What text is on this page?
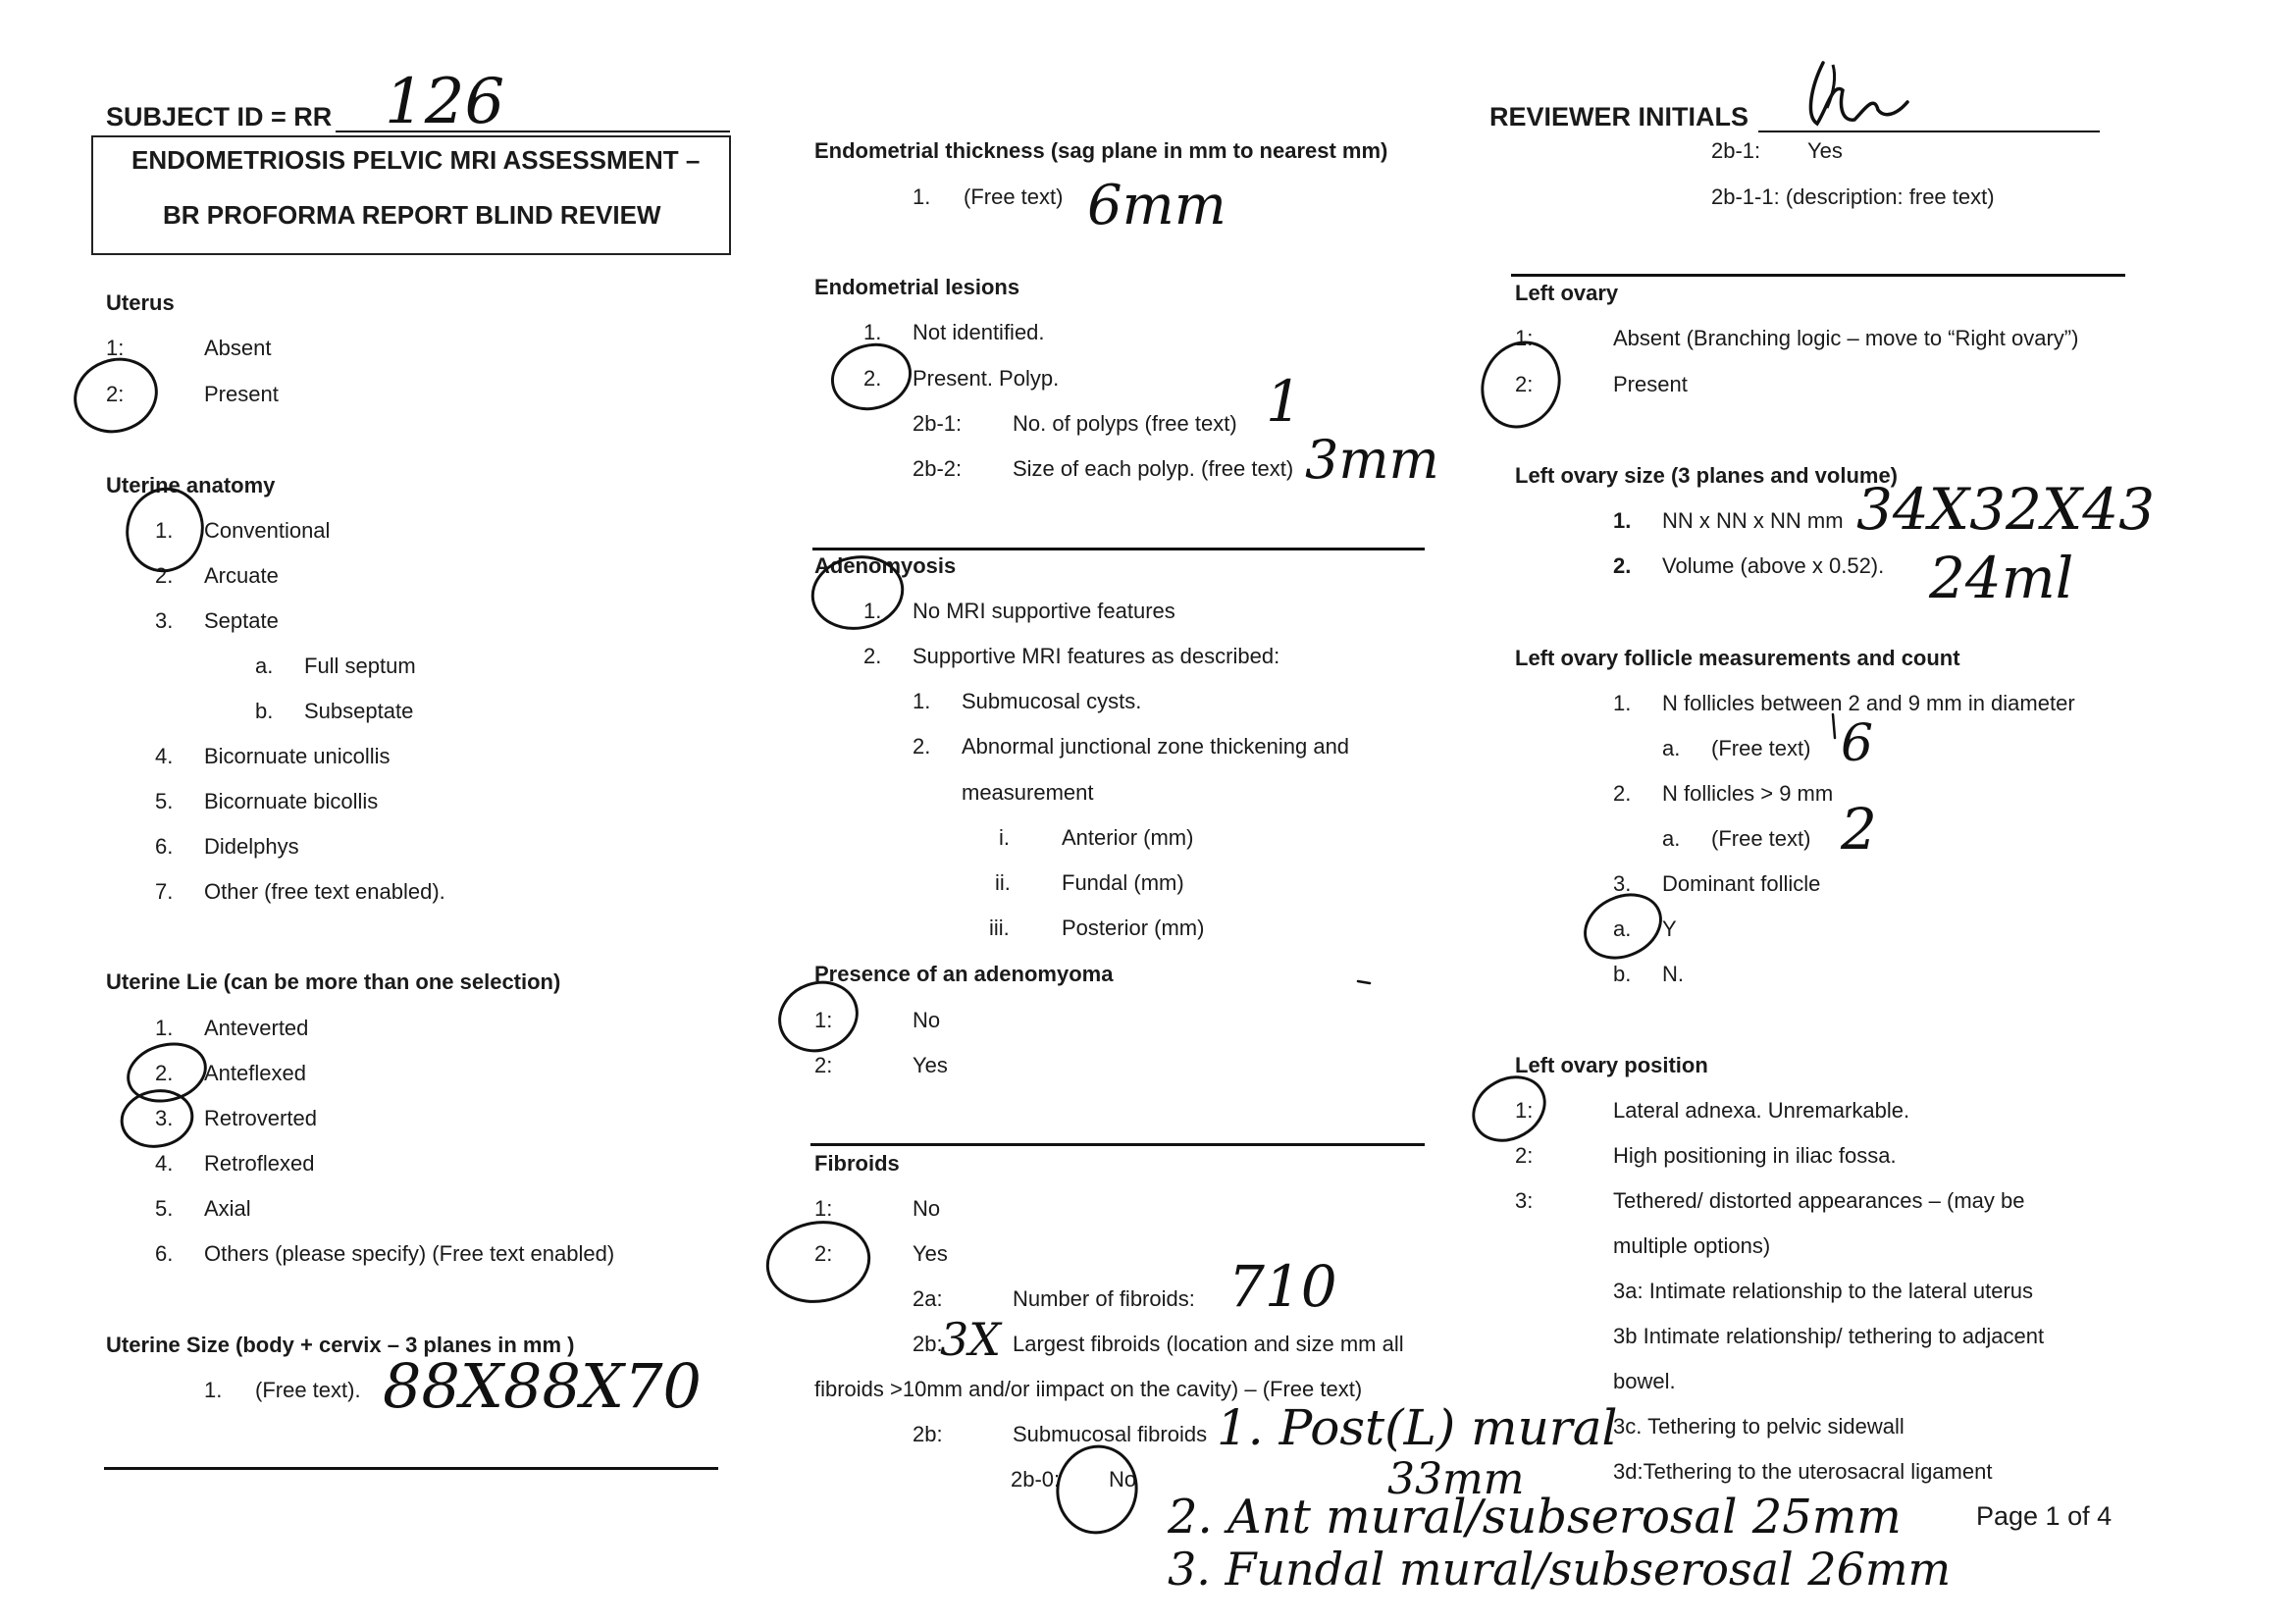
SUBJECT ID = RR 126
ENDOMETRIOSIS PELVIC MRI ASSESSMENT –
BR PROFORMA REPORT BLIND REVIEW
REVIEWER INITIALS
Uterus
1:	Absent
2:	Present
Uterine anatomy
1. Conventional
2. Arcuate
3. Septate
a. Full septum
b. Subseptate
4. Bicornuate unicollis
5. Bicornuate bicollis
6. Didelphys
7. Other (free text enabled).
Uterine Lie (can be more than one selection)
1. Anteverted
2. Anteflexed
3. Retroverted
4. Retroflexed
5. Axial
6. Others (please specify) (Free text enabled)
Uterine Size (body + cervix – 3 planes in mm )
1. (Free text). 88X88X70
Endometrial thickness (sag plane in mm to nearest mm)
1. (Free text) 6mm
Endometrial lesions
1. Not identified.
2. Present. Polyp.
2b-1: No. of polyps (free text) 1
2b-2: Size of each polyp. (free text) 3mm
Adenomyosis
1. No MRI supportive features
2. Supportive MRI features as described:
1. Submucosal cysts.
2. Abnormal junctional zone thickening and
measurement
i. Anterior (mm)
ii. Fundal (mm)
iii. Posterior (mm)
Presence of an adenomyoma
1:	No
2:	Yes
Fibroids
1:	No
2:	Yes
2a:	Number of fibroids: 710
2b:
3X Largest fibroids (location and size mm all
fibroids >10mm and/or iimpact on the cavity) – (Free text)
2b:	Submucosal fibroids
2b-0: No
1. Post(L) mural
33mm
2. Ant mural/subserosal 25mm
3. Fundal mural/subserosal 26mm
2b-1: Yes
2b-1-1: (description: free text)
Left ovary
1:	Absent (Branching logic – move to “Right ovary”)
2:	Present
Left ovary size (3 planes and volume)
1. NN x NN x NN mm 34X32X43
2. Volume (above x 0.52). 24ml
Left ovary follicle measurements and count
1. N follicles between 2 and 9 mm in diameter
a. (Free text) 6
2. N follicles > 9 mm
a. (Free text) 2
3. Dominant follicle
a. Y
b. N.
Left ovary position
1:	Lateral adnexa. Unremarkable.
2:	High positioning in iliac fossa.
3:	Tethered/ distorted appearances – (may be
multiple options)
3a: Intimate relationship to the lateral uterus
3b Intimate relationship/ tethering to adjacent
bowel.
3c. Tethering to pelvic sidewall
3d:Tethering to the uterosacral ligament
Page 1 of 4
